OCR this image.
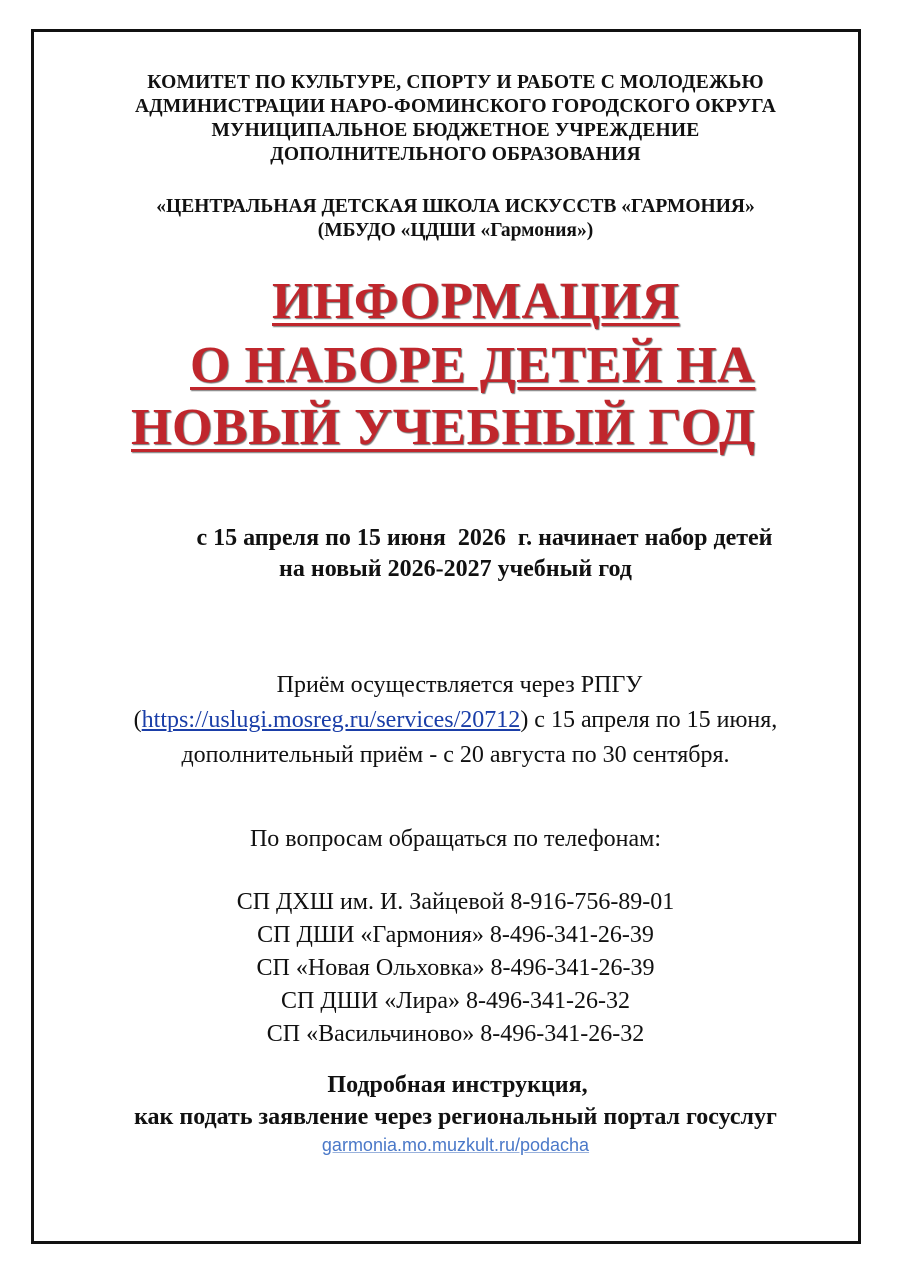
КОМИТЕТ ПО КУЛЬТУРЕ, СПОРТУ И РАБОТЕ С МОЛОДЕЖЬЮ
АДМИНИСТРАЦИИ НАРО-ФОМИНСКОГО ГОРОДСКОГО ОКРУГА
МУНИЦИПАЛЬНОЕ БЮДЖЕТНОЕ УЧРЕЖДЕНИЕ
ДОПОЛНИТЕЛЬНОГО ОБРАЗОВАНИЯ
«ЦЕНТРАЛЬНАЯ ДЕТСКАЯ ШКОЛА ИСКУССТВ «ГАРМОНИЯ»
(МБУДО «ЦДШИ «Гармония»)
ИНФОРМАЦИЯ
О НАБОРЕ ДЕТЕЙ НА
НОВЫЙ УЧЕБНЫЙ ГОД
с 15 апреля по 15 июня  2026  г. начинает набор детей
на новый 2026-2027 учебный год
Приём осуществляется через РПГУ
(https://uslugi.mosreg.ru/services/20712) с 15 апреля по 15 июня,
дополнительный приём - с 20 августа по 30 сентября.
По вопросам обращаться по телефонам:
СП ДХШ им. И. Зайцевой 8-916-756-89-01
СП ДШИ «Гармония» 8-496-341-26-39
СП «Новая Ольховка» 8-496-341-26-39
СП ДШИ «Лира» 8-496-341-26-32
СП «Васильчиново» 8-496-341-26-32
Подробная инструкция,
как подать заявление через региональный портал госуслуг
garmonia.mo.muzkult.ru/podacha
